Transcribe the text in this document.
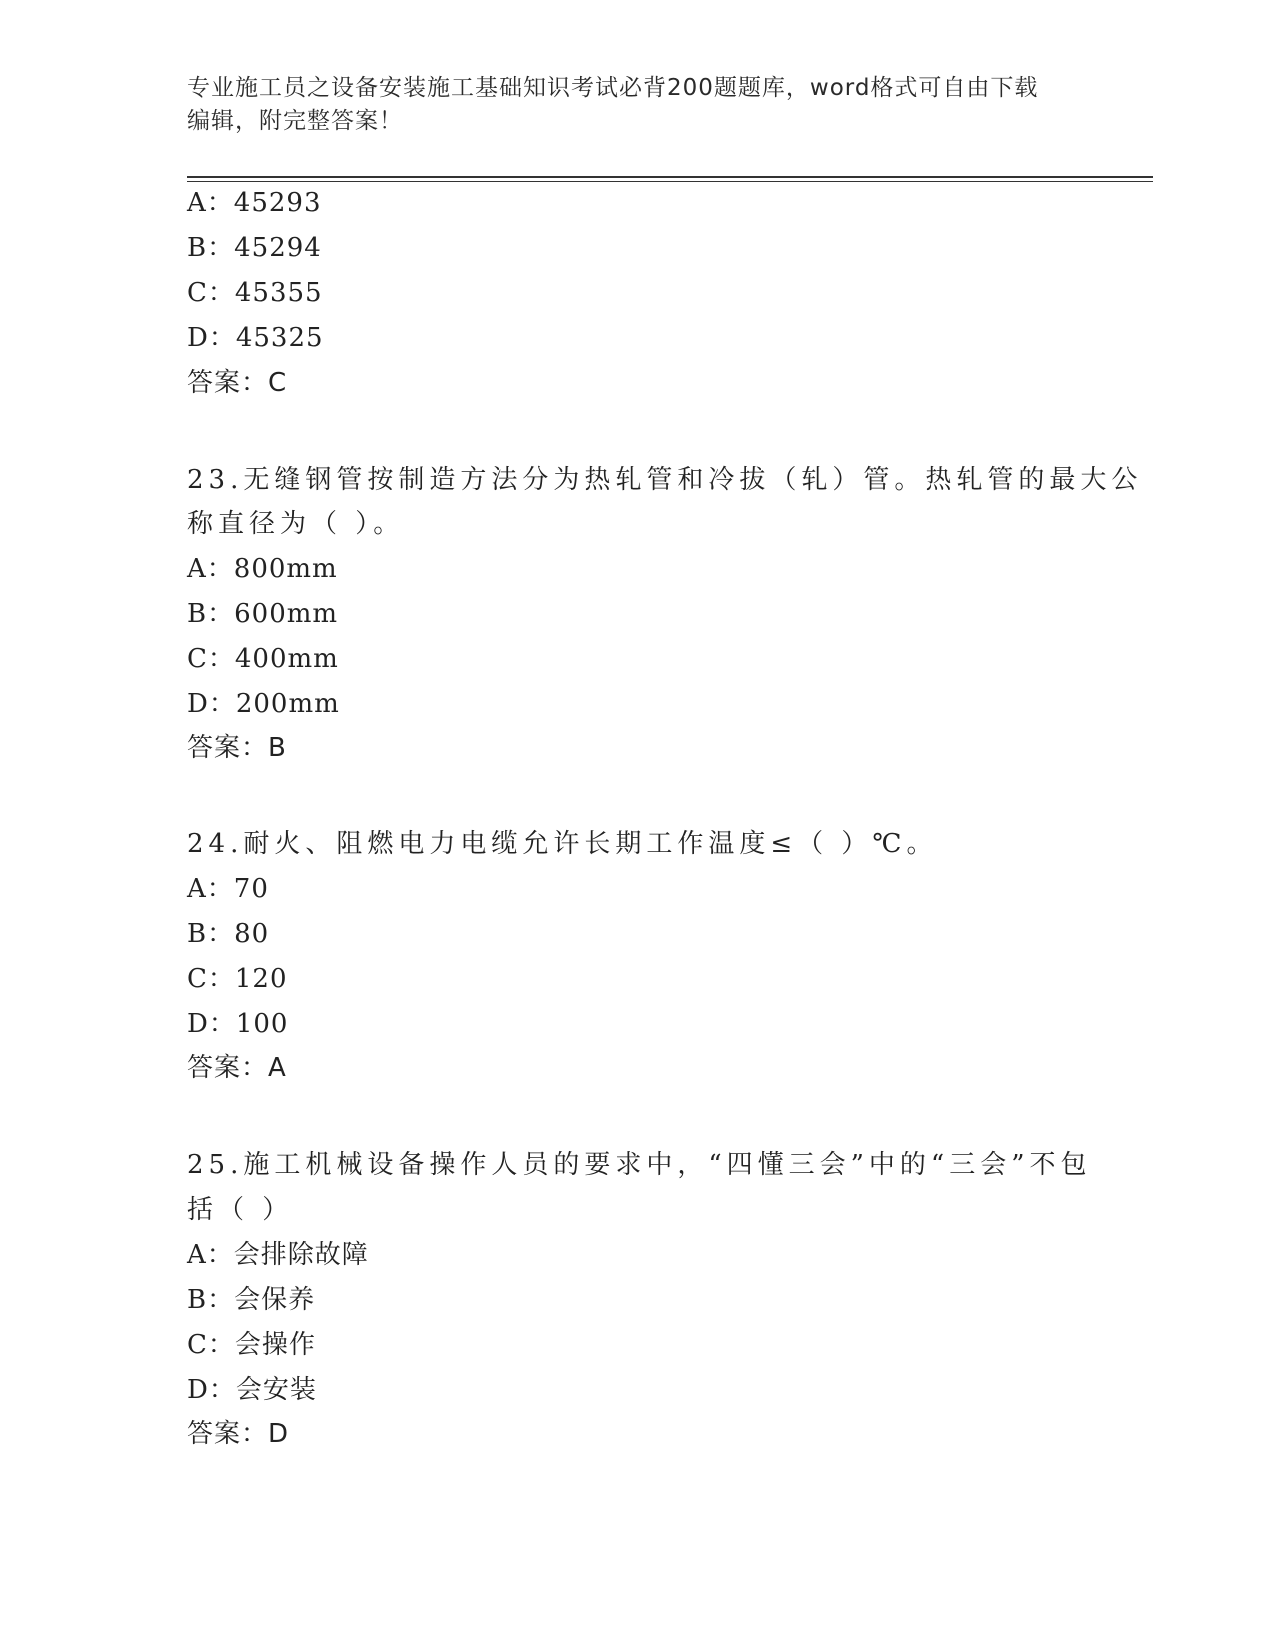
专业施工员之设备安装施工基础知识考试必背200题题库，word格式可自由下载
编辑，附完整答案！
A：45293
B：45294
C：45355
D：45325
答案：C
23.无缝钢管按制造方法分为热轧管和冷拔（轧）管。热轧管的最大公
称直径为（ ）。
A：800mm
B：600mm
C：400mm
D：200mm
答案：B
24.耐火、阻燃电力电缆允许长期工作温度≤（ ）℃。
A：70
B：80
C：120
D：100
答案：A
25.施工机械设备操作人员的要求中，“四懂三会”中的“三会”不包
括（ ）
A：会排除故障
B：会保养
C：会操作
D：会安装
答案：D
